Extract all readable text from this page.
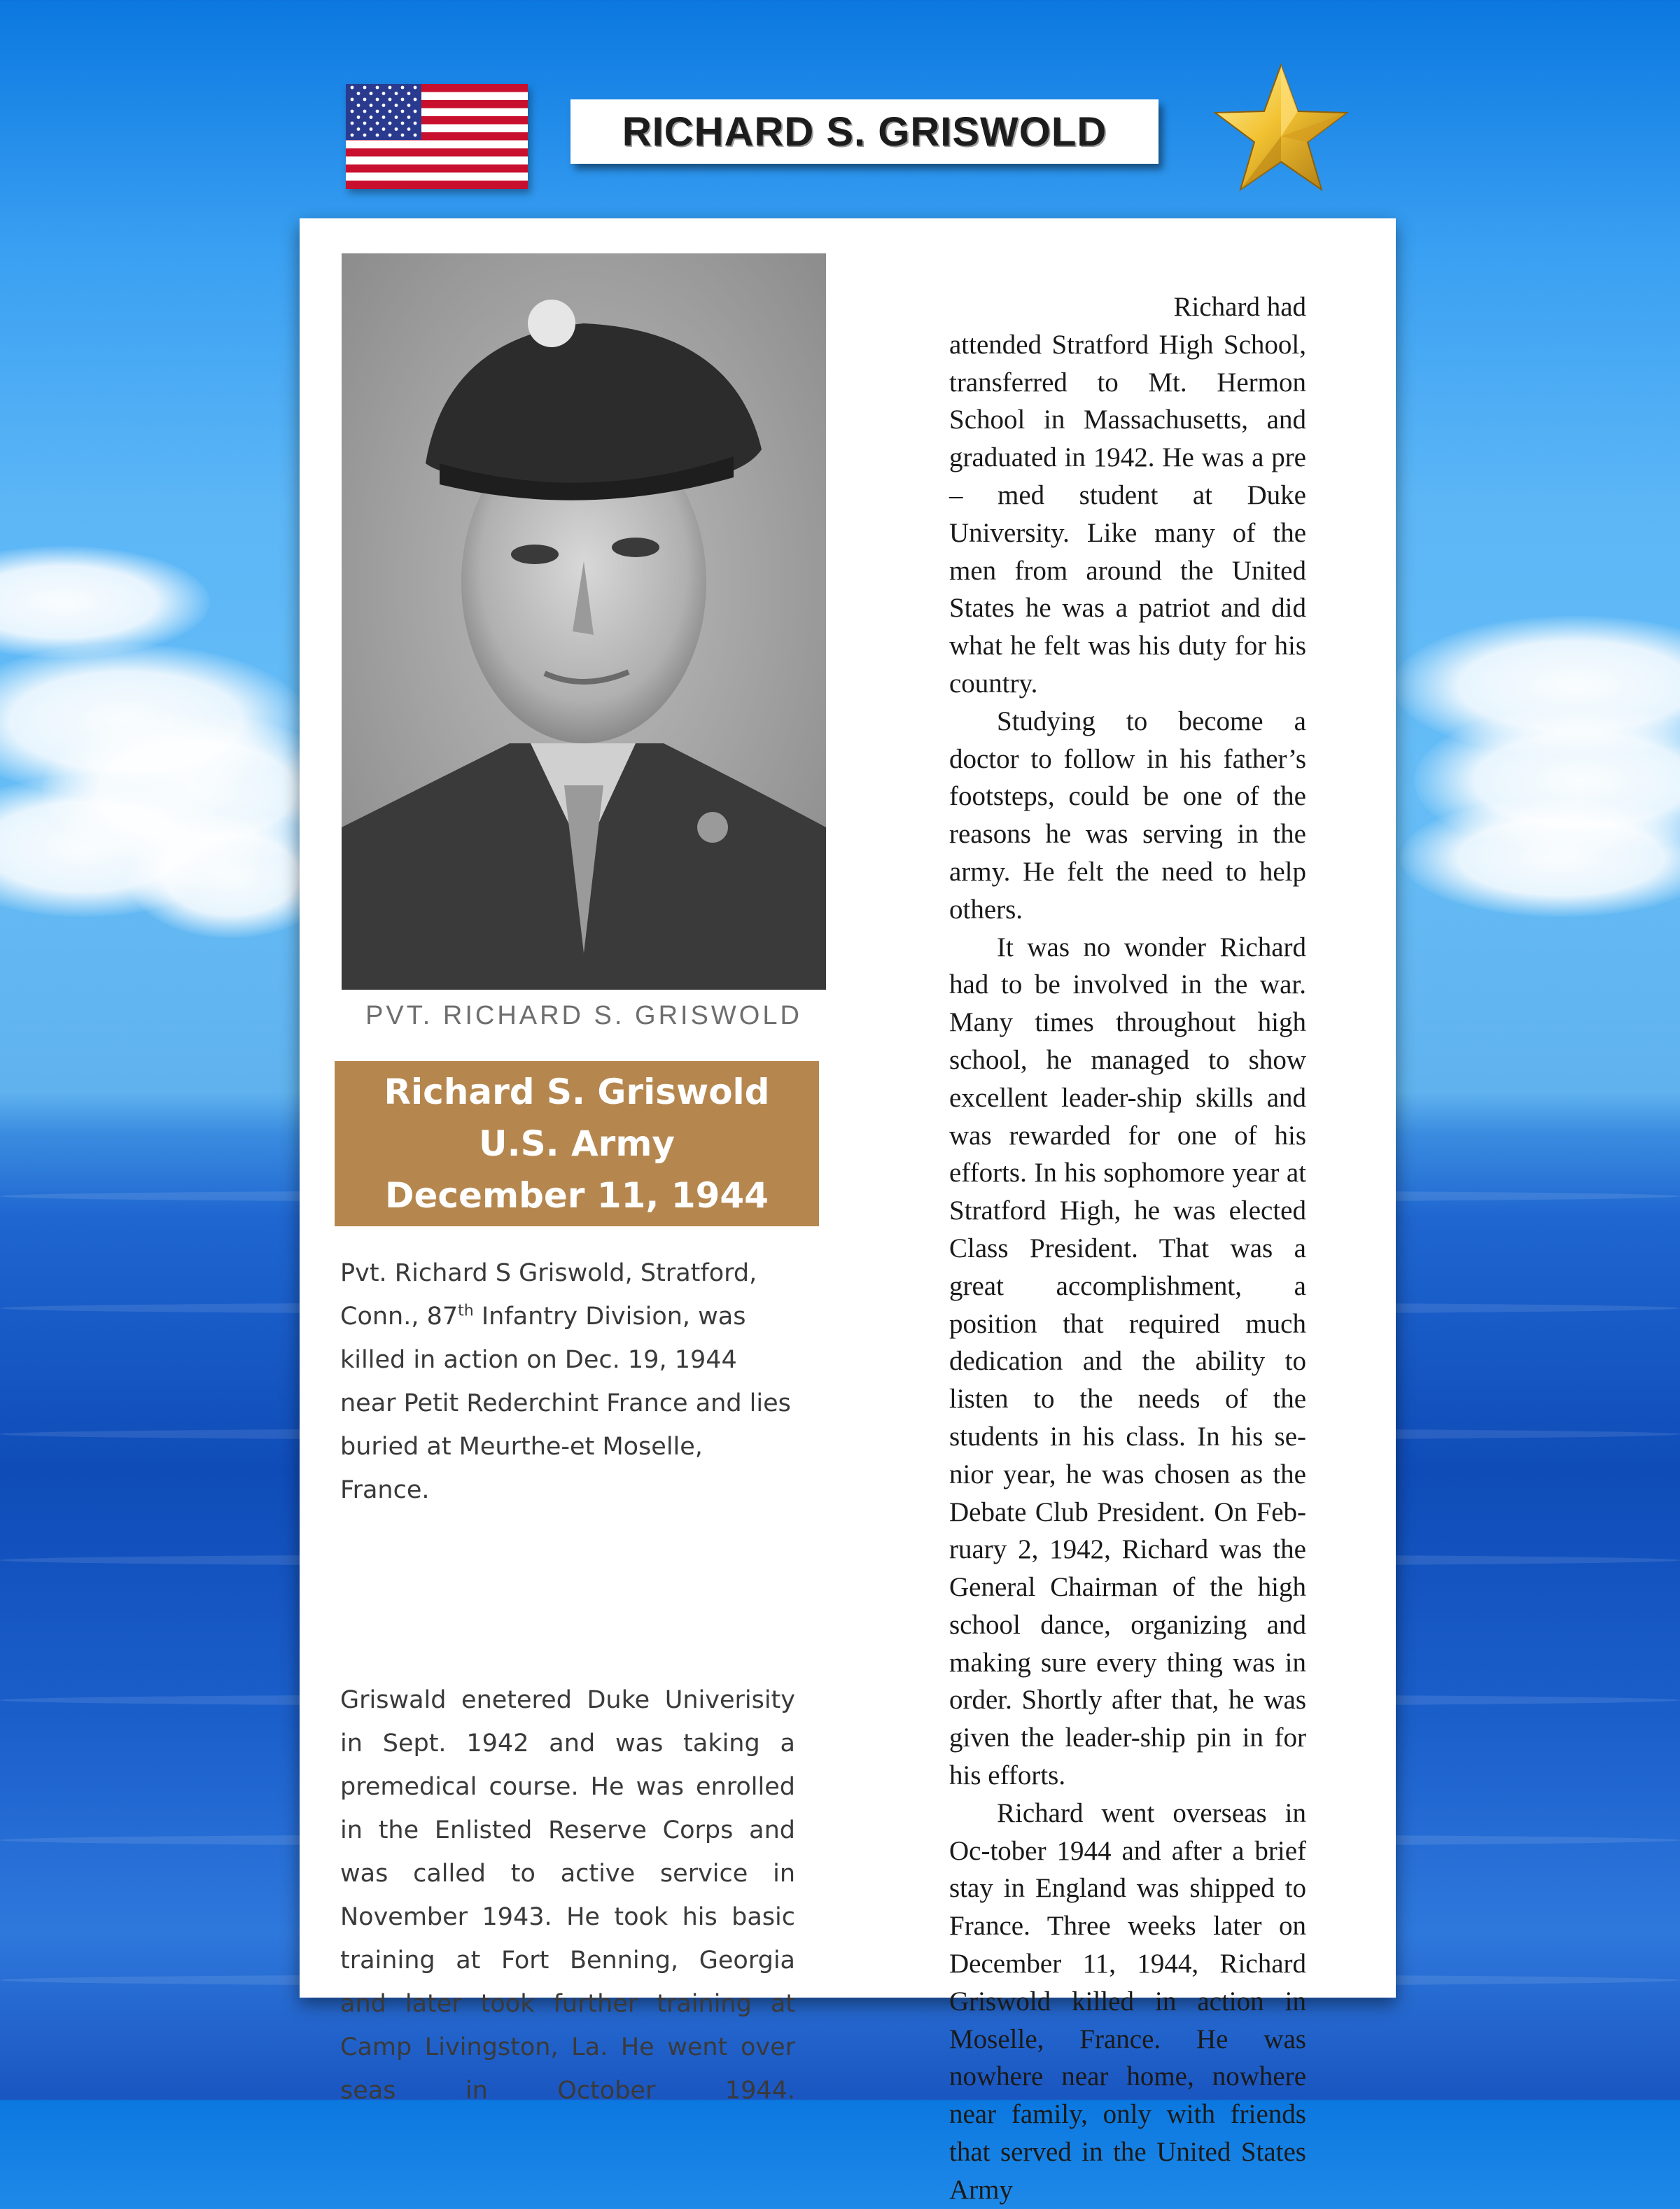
RICHARD S. GRISWOLD
PVT. RICHARD S. GRISWOLD
Richard S. Griswold
U.S. Army
December 11, 1944
Pvt. Richard S Griswold, Stratford, Conn., 87th Infantry Division, was killed in action on Dec. 19, 1944 near Petit Rederchint France and lies buried at Meurthe-et Moselle, France.
Griswald enetered Duke Univerisity in Sept. 1942 and was taking a premedical course. He was enrolled in the Enlisted Reserve Corps and was called to active service in November 1943. He took his basic training at Fort Benning, Georgia and later took further training at Camp Livingston, La. He went over seas in October 1944.

Richard had

attended Stratford High School, transferred to Mt. Hermon School in Massachusetts, and graduated in 1942. He was a pre – med student at Duke University. Like many of the men from around the United States he was a patriot and did what he felt was his duty for his country.

Studying to become a doctor to follow in his father’s footsteps, could be one of the reasons he was serving in the army. He felt the need to help others.

It was no wonder Richard had to be involved in the war. Many times throughout high school, he managed to show excellent leader-ship skills and was rewarded for one of his efforts. In his sophomore year at Stratford High, he was elected Class President. That was a great accomplishment, a position that required much dedication and the ability to listen to the needs of the students in his class. In his se-nior year, he was chosen as the Debate Club President. On Feb-ruary 2, 1942, Richard was the General Chairman of the high school dance, organizing and making sure every thing was in order. Shortly after that, he was given the leader-ship pin in for his efforts.

Richard went overseas in Oc-tober 1944 and after a brief stay in England was shipped to France. Three weeks later on December 11, 1944, Richard Griswold killed in action in Moselle, France. He was nowhere near home, nowhere near family, only with friends that served in the United States Army
